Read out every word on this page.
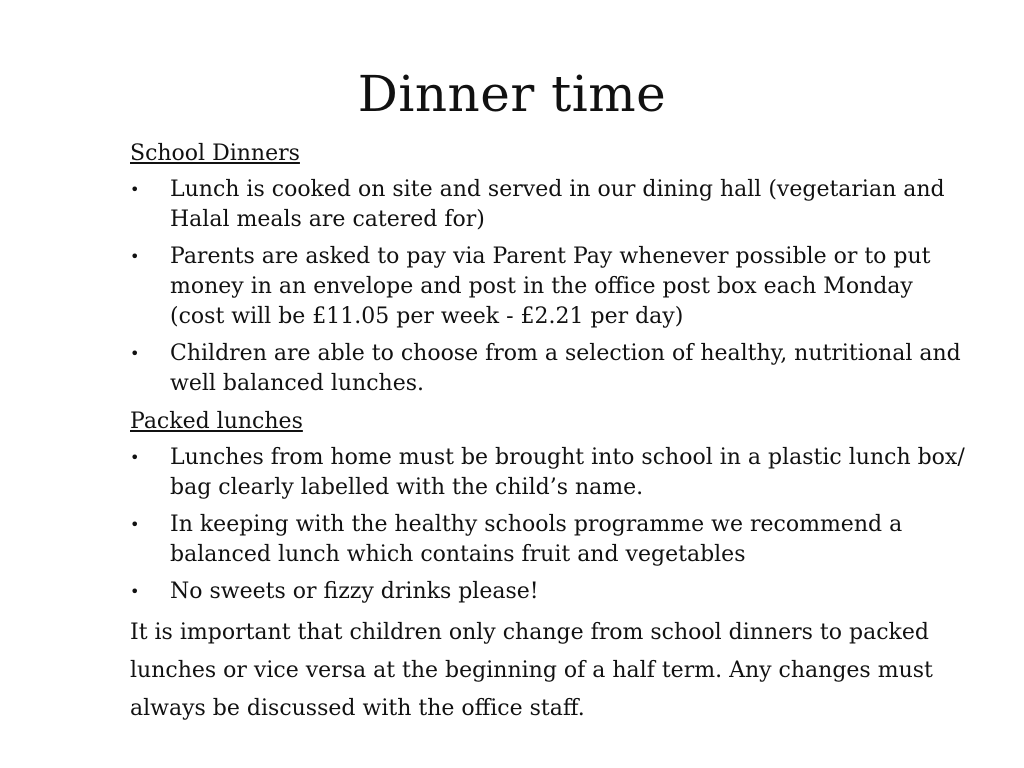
Dinner time
School Dinners
•	Lunch is cooked on site and served in our dining hall (vegetarian and Halal meals are catered for)
•	Parents are asked to pay via Parent Pay whenever possible or to put money in an envelope and post in the office post box each Monday (cost will be £11.05 per week - £2.21 per day)
•	Children are able to choose from a selection of healthy, nutritional and well balanced lunches.
Packed lunches
•	Lunches from home must be brought into school in a plastic lunch box/ bag clearly labelled with the child’s name.
•	In keeping with the healthy schools programme we recommend a balanced lunch which contains fruit and vegetables
•	No sweets or fizzy drinks please!

It is important that children only change from school dinners to packed lunches or vice versa at the beginning of a half term. Any changes must always be discussed with the office staff.
